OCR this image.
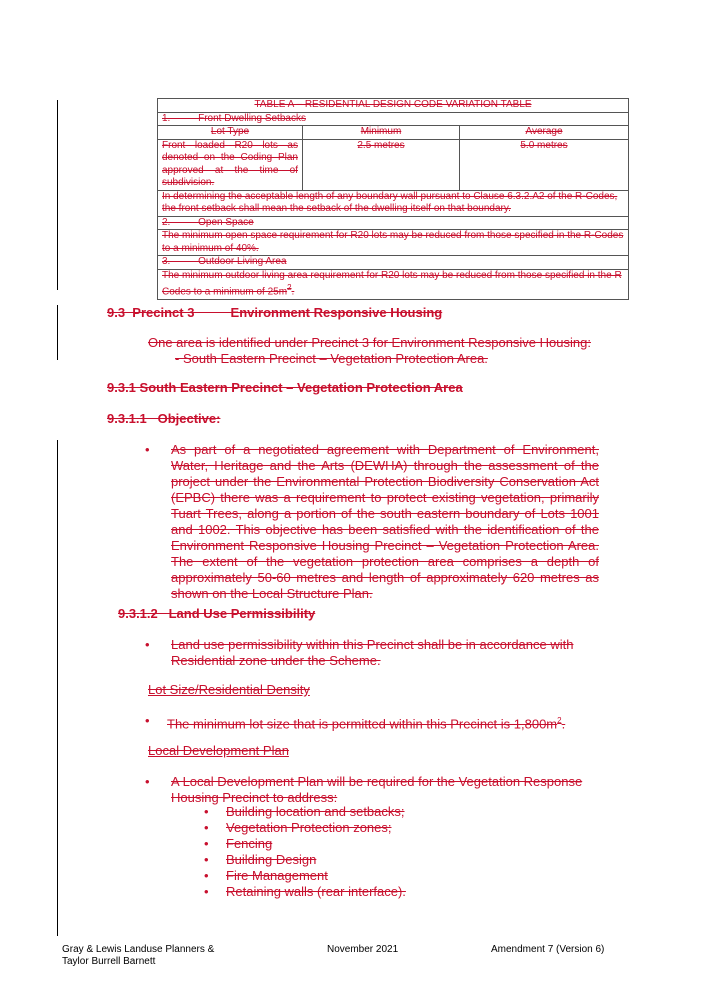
TABLE A – RESIDENTIAL DESIGN CODE VARIATION TABLE		
1.          Front Dwelling Setbacks		
Lot Type	Minimum	Average
Front loaded R20 lots as denoted on the Coding Plan approved at the time of subdivision.	2.5 metres	5.0 metres
In determining the acceptable length of any boundary wall pursuant to Clause 6.3.2.A2 of the R-Codes, the front setback shall mean the setback of the dwelling itself on that boundary.		
2.          Open Space		
The minimum open space requirement for R20 lots may be reduced from those specified in the R-Codes to a minimum of 40%.		
3.          Outdoor Living Area		
The minimum outdoor living area requirement for R20 lots may be reduced from those specified in the R Codes to a minimum of $25m^2$.		
9.3  Precinct 3          Environment Responsive Housing
One area is identified under Precinct 3 for Environment Responsive Housing:
- South Eastern Precinct – Vegetation Protection Area.
9.3.1 South Eastern Precinct – Vegetation Protection Area
9.3.1.1   Objective:
• As part of a negotiated agreement with Department of Environment, Water, Heritage and the Arts (DEWHA) through the assessment of the project under the Environmental Protection Biodiversity Conservation Act (EPBC) there was a requirement to protect existing vegetation, primarily Tuart Trees, along a portion of the south eastern boundary of Lots 1001 and 1002. This objective has been satisfied with the identification of the Environment Responsive Housing Precinct – Vegetation Protection Area. The extent of the vegetation protection area comprises a depth of approximately 50-60 metres and length of approximately 620 metres as shown on the Local Structure Plan.
9.3.1.2   Land Use Permissibility
• Land use permissibility within this Precinct shall be in accordance with Residential zone under the Scheme.
Lot Size/Residential Density
• The minimum lot size that is permitted within this Precinct is $1,800m^2$.
Local Development Plan
• A Local Development Plan will be required for the Vegetation Response Housing Precinct to address:
• Building location and setbacks;
• Vegetation Protection zones;
• Fencing
• Building Design
• Fire Management
• Retaining walls (rear interface).
Gray & Lewis Landuse Planners &
Taylor Burrell Barnett
November 2021	Amendment 7 (Version 6)
